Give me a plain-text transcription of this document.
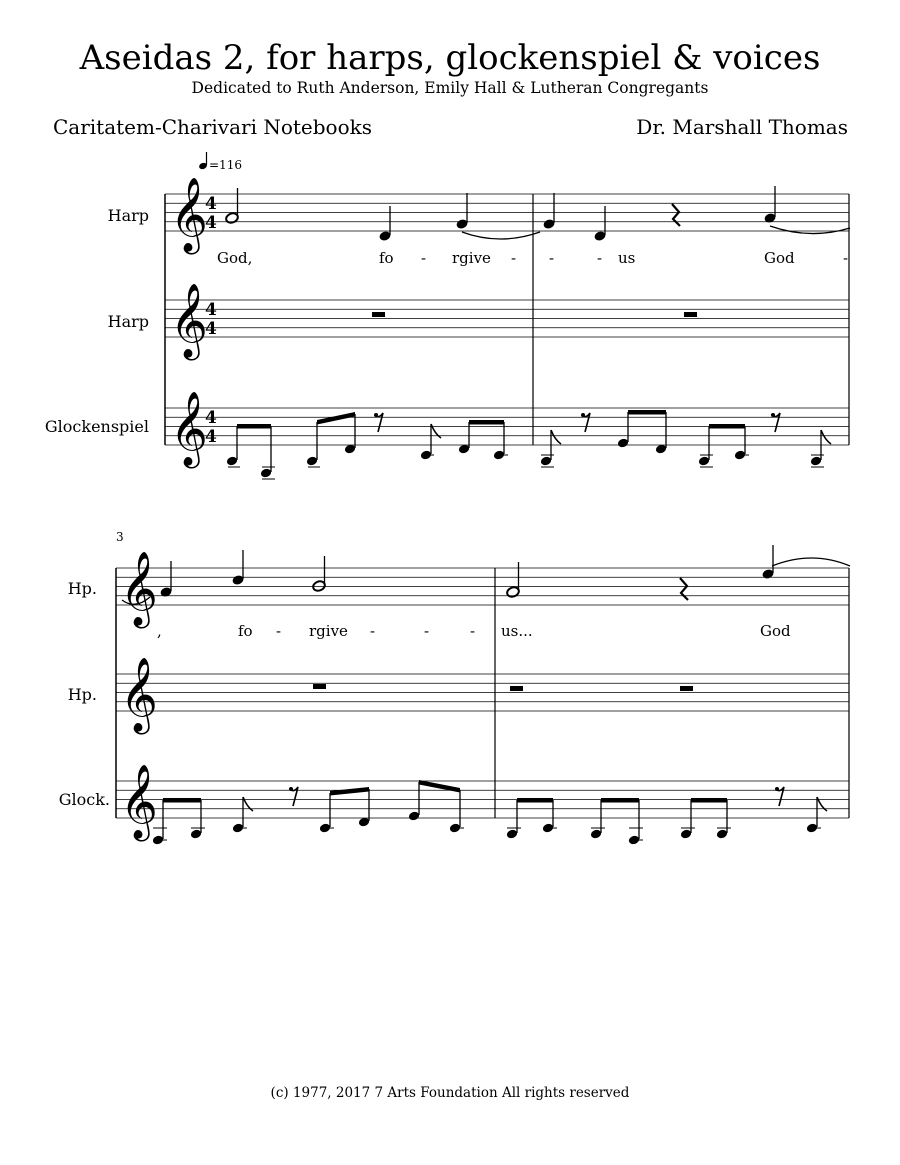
Aseidas 2, for harps, glockenspiel & voices
Dedicated to Ruth Anderson, Emily Hall & Lutheran Congregants
Caritatem-Charivari Notebooks	Dr. Marshall Thomas
=116
Harp
Harp
Glockenspiel
𝄞
𝄞
𝄞
4
4
4
4
4
4
God,	fo - rgive - -	- us	God	-
3
Hp.
Hp.
Glock.
𝄞
𝄞
𝄞
,	fo - rgive -	-	- us...	God
(c) 1977, 2017 7 Arts Foundation All rights reserved
